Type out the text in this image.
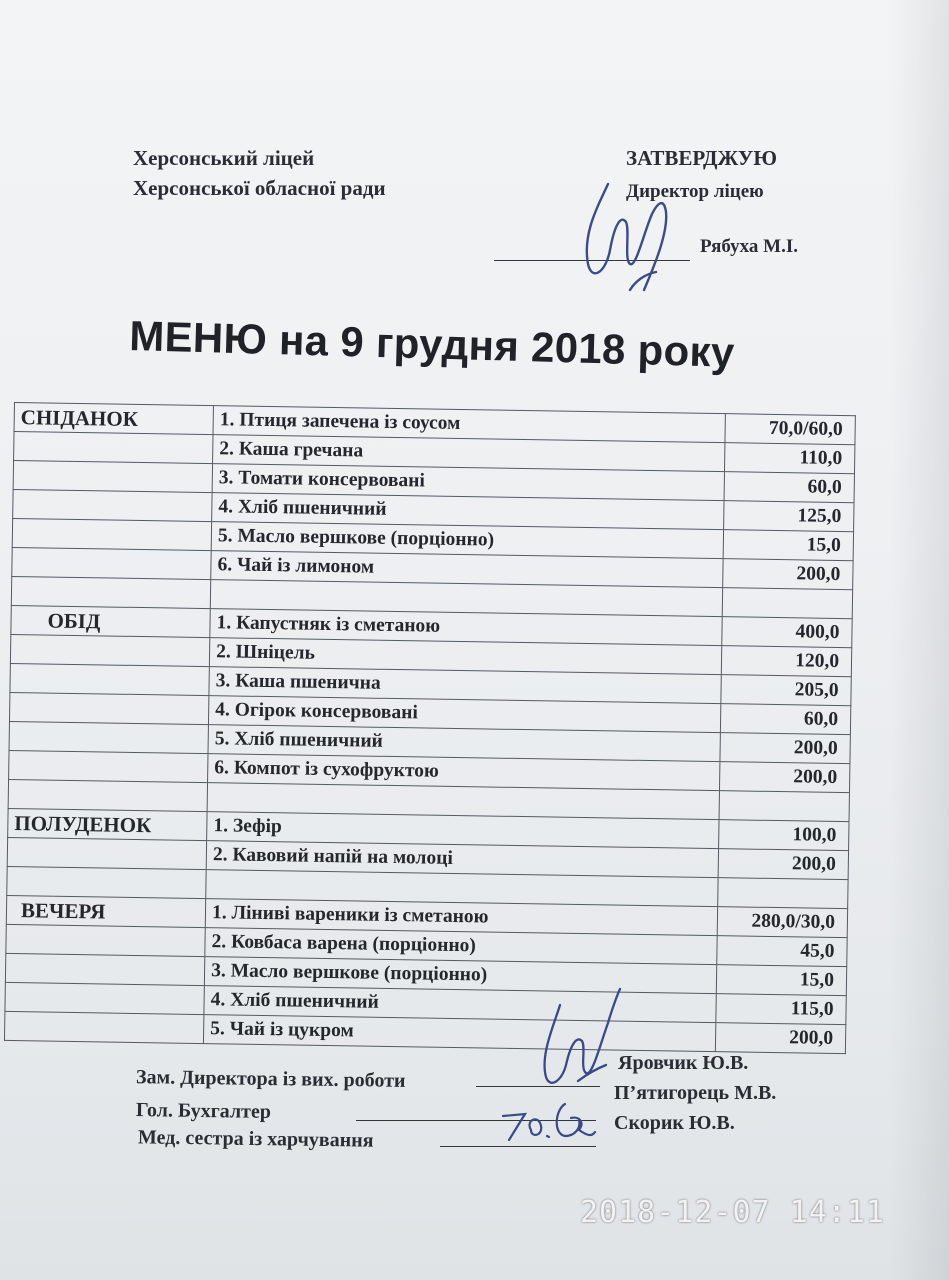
Херсонський ліцей
Херсонської обласної ради
ЗАТВЕРДЖУЮ
Директор ліцею
Рябуха М.І.
МЕНЮ на 9 грудня 2018 року
СНІДАНОК	1. Птиця запечена із соусом	70,0/60,0
	2. Каша гречана	110,0
	3. Томати консервовані	60,0
	4. Хліб пшеничний	125,0
	5. Масло вершкове (порціонно)	15,0
	6. Чай із лимоном	200,0

ОБІД	1. Капустняк із сметаною	400,0
	2. Шніцель	120,0
	3. Каша пшенична	205,0
	4. Огірок консервовані	60,0
	5. Хліб пшеничний	200,0
	6. Компот із сухофруктою	200,0

ПОЛУДЕНОК	1. Зефір	100,0
	2. Кавовий напій на молоці	200,0

ВЕЧЕРЯ	1. Ліниві вареники із сметаною	280,0/30,0
	2. Ковбаса варена (порціонно)	45,0
	3. Масло вершкове (порціонно)	15,0
	4. Хліб пшеничний	115,0
	5. Чай із цукром	200,0
Зам. Директора із вих. роботи
Яровчик Ю.В.
Гол. Бухгалтер
П’ятигорець М.В.
Мед. сестра із харчування
Скорик Ю.В.
2018-12-07 14:11
